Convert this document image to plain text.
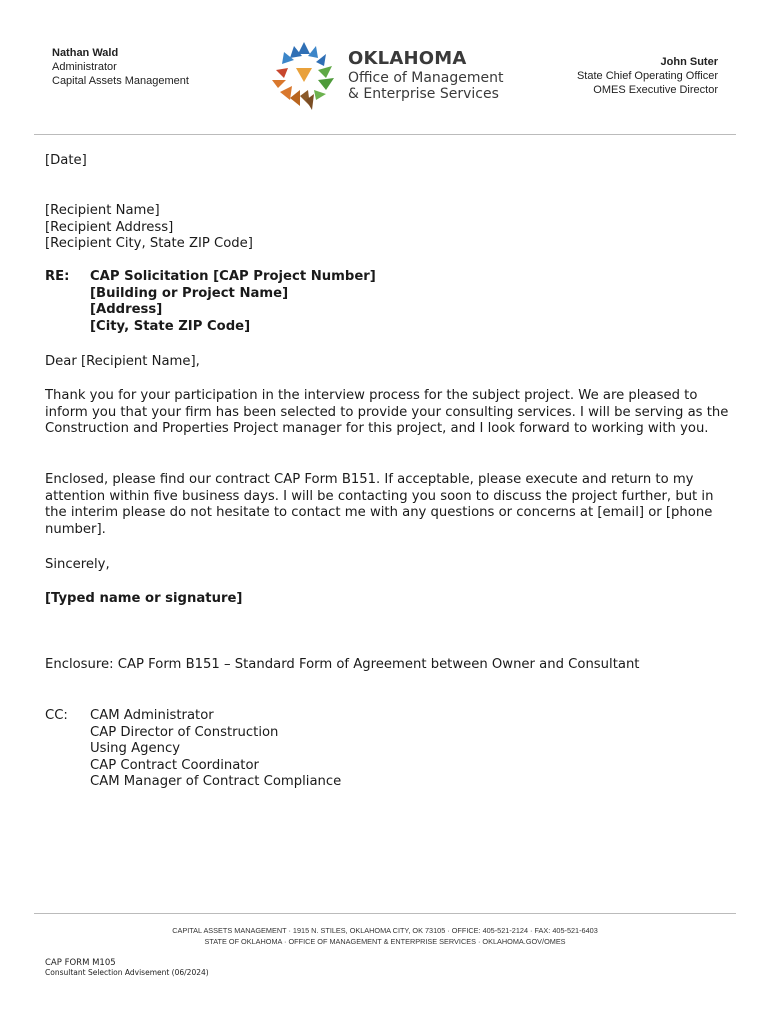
Nathan Wald
Administrator
Capital Assets Management
OKLAHOMA
Office of Management
& Enterprise Services
John Suter
State Chief Operating Officer
OMES Executive Director
[Date]

[Recipient Name]

[Recipient Address]

[Recipient City, State ZIP Code]

RE: CAP Solicitation [CAP Project Number]

[Building or Project Name]

[Address]

[City, State ZIP Code]

Dear [Recipient Name],
Thank you for your participation in the interview process for the subject project. We are pleased to inform you that your firm has been selected to provide your consulting services. I will be serving as the Construction and Properties Project manager for this project, and I look forward to working with you.
Enclosed, please find our contract CAP Form B151. If acceptable, please execute and return to my attention within five business days. I will be contacting you soon to discuss the project further, but in the interim please do not hesitate to contact me with any questions or concerns at [email] or [phone number].
Sincerely,
[Typed name or signature]
Enclosure: CAP Form B151 – Standard Form of Agreement between Owner and Consultant
CC: CAM Administrator

CAP Director of Construction

Using Agency

CAP Contract Coordinator

CAM Manager of Contract Compliance

CAPITAL ASSETS MANAGEMENT · 1915 N. STILES, OKLAHOMA CITY, OK 73105 · OFFICE: 405-521-2124 · FAX: 405-521-6403
STATE OF OKLAHOMA · OFFICE OF MANAGEMENT & ENTERPRISE SERVICES · OKLAHOMA.GOV/OMES
CAP FORM M105
Consultant Selection Advisement (06/2024)
